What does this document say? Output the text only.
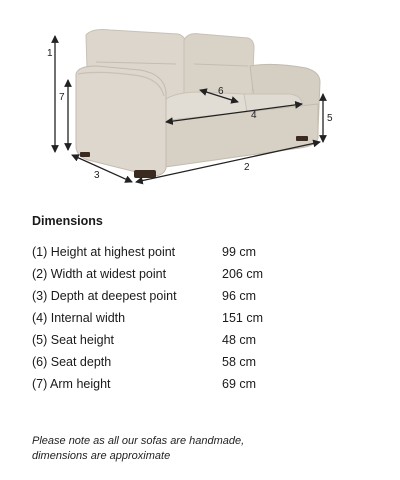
1
2
3
4	5
6
7
Dimensions
(1) Height at highest point	99 cm
(2) Width at widest point	206 cm
(3) Depth at deepest point	96 cm
(4) Internal width	151 cm
(5) Seat height	48 cm
(6) Seat depth	58 cm
(7) Arm height	69 cm
Please note as all our sofas are handmade,
dimensions are approximate
